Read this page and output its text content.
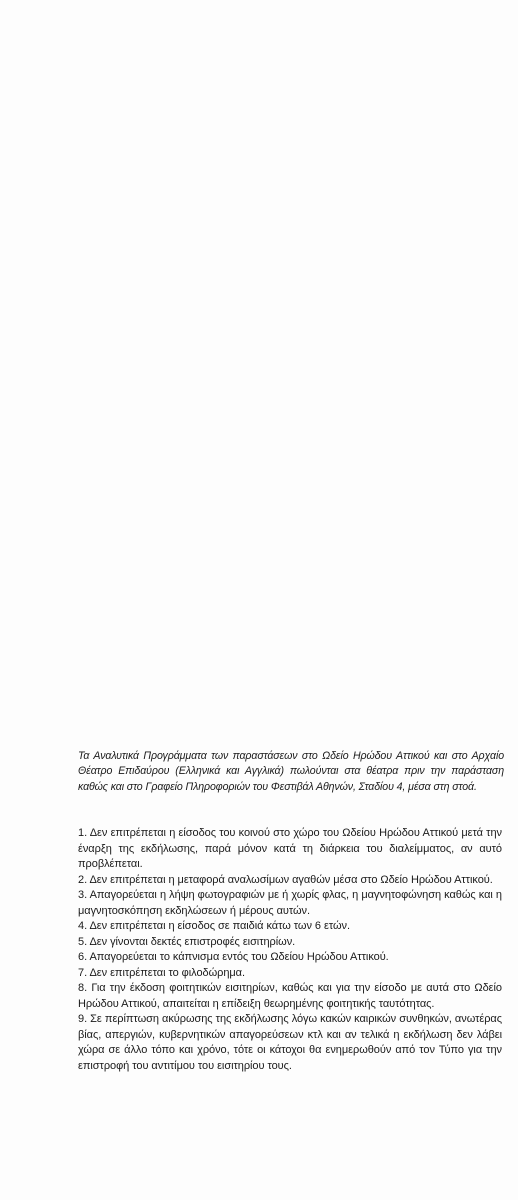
Τα Αναλυτικά Προγράμματα των παραστάσεων στο Ωδείο Ηρώδου Αττικού και στο Αρχαίο Θέατρο Επιδαύρου (Ελληνικά και Αγγλικά) πωλούνται στα θέατρα πριν την παράσταση καθώς και στο Γραφείο Πληροφοριών του Φεστιβάλ Αθηνών, Σταδίου 4, μέσα στη στοά.

1. Δεν επιτρέπεται η είσοδος του κοινού στο χώρο του Ωδείου Ηρώδου Αττικού μετά την έναρξη της εκδήλωσης, παρά μόνον κατά τη διάρκεια του διαλείμματος, αν αυτό προβλέπεται.
2. Δεν επιτρέπεται η μεταφορά αναλωσίμων αγαθών μέσα στο Ωδείο Ηρώδου Αττικού.
3. Απαγορεύεται η λήψη φωτογραφιών με ή χωρίς φλας, η μαγνητοφώνηση καθώς και η μαγνητοσκόπηση εκδηλώσεων ή μέρους αυτών.
4. Δεν επιτρέπεται η είσοδος σε παιδιά κάτω των 6 ετών.
5. Δεν γίνονται δεκτές επιστροφές εισιτηρίων.
6. Απαγορεύεται το κάπνισμα εντός του Ωδείου Ηρώδου Αττικού.
7. Δεν επιτρέπεται το φιλοδώρημα.
8. Για την έκδοση φοιτητικών εισιτηρίων, καθώς και για την είσοδο με αυτά στο Ωδείο Ηρώδου Αττικού, απαιτείται η επίδειξη θεωρημένης φοιτητικής ταυτότητας.
9. Σε περίπτωση ακύρωσης της εκδήλωσης λόγω κακών καιρικών συνθηκών, ανωτέρας βίας, απεργιών, κυβερνητικών απαγορεύσεων κτλ και αν τελικά η εκδήλωση δεν λάβει χώρα σε άλλο τόπο και χρόνο, τότε οι κάτοχοι θα ενημερωθούν από τον Τύπο για την επιστροφή του αντιτίμου του εισιτηρίου τους.
